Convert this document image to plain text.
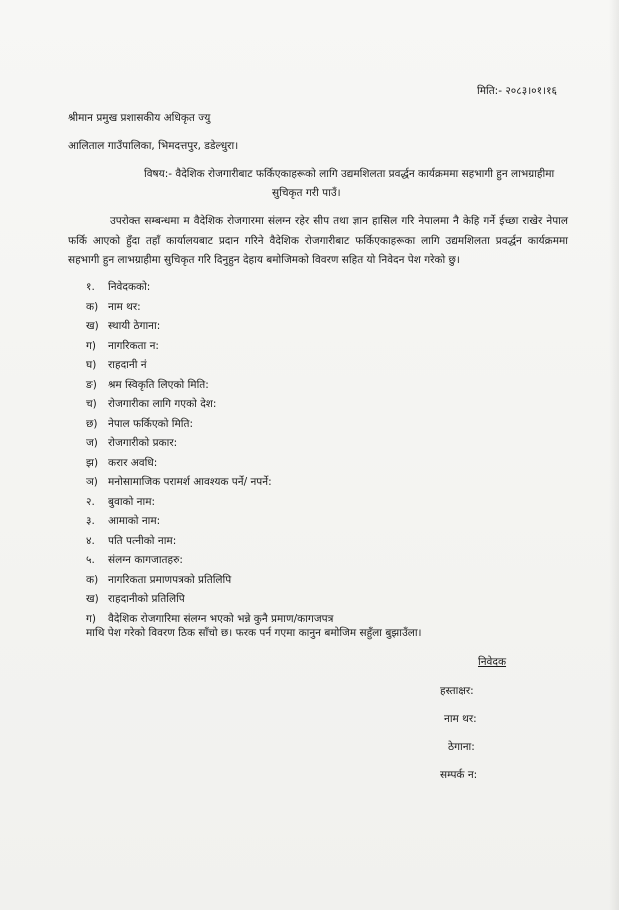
मिति:- २०८३।०१।१६
श्रीमान प्रमुख प्रशासकीय अधिकृत ज्यु
आलिताल गाउँपालिका, भिमदत्तपुर, डडेल्धुरा।
विषय:- वैदेशिक रोजगारीबाट फर्किएकाहरूको लागि उद्यमशिलता प्रवर्द्धन कार्यक्रममा सहभागी हुन लाभग्राहीमा
सुचिकृत गरी पाउँ।
उपरोक्त सम्बन्धमा म वैदेशिक रोजगारमा संलग्न रहेर सीप तथा ज्ञान हासिल गरि नेपालमा नै केहि गर्ने ईच्छा राखेर नेपाल फर्कि आएको हुँदा तहाँ कार्यालयबाट प्रदान गरिने वैदेशिक रोजगारीबाट फर्किएकाहरूका लागि उद्यमशिलता प्रवर्द्धन कार्यक्रममा सहभागी हुन लाभग्राहीमा सुचिकृत गरि दिनुहुन देहाय बमोजिमको विवरण सहित यो निवेदन पेश गरेको छु।
१. निवेदकको:
क) नाम थर:
ख) स्थायी ठेगाना:
ग) नागरिकता न:
घ) राहदानी नं
ङ) श्रम स्विकृति लिएको मिति:
च) रोजगारीका लागि गएको देश:
छ) नेपाल फर्किएको मिति:
ज) रोजगारीको प्रकार:
झ) करार अवधि:
ञ) मनोसामाजिक परामर्श आवश्यक पर्ने/ नपर्ने:
२. बुवाको नाम:
३. आमाको नाम:
४. पति पत्नीको नाम:
५. संलग्न कागजातहरु:
क) नागरिकता प्रमाणपत्रको प्रतिलिपि
ख) राहदानीको प्रतिलिपि
ग) वैदेशिक रोजगारिमा संलग्न भएको भन्ने कुनै प्रमाण/कागजपत्र
माथि पेश गरेको विवरण ठिक साँचो छ। फरक पर्न गएमा कानुन बमोजिम सहुँला बुझाउँला।
निवेदक
हस्ताक्षर:
नाम थर:
ठेगाना:
सम्पर्क न:
